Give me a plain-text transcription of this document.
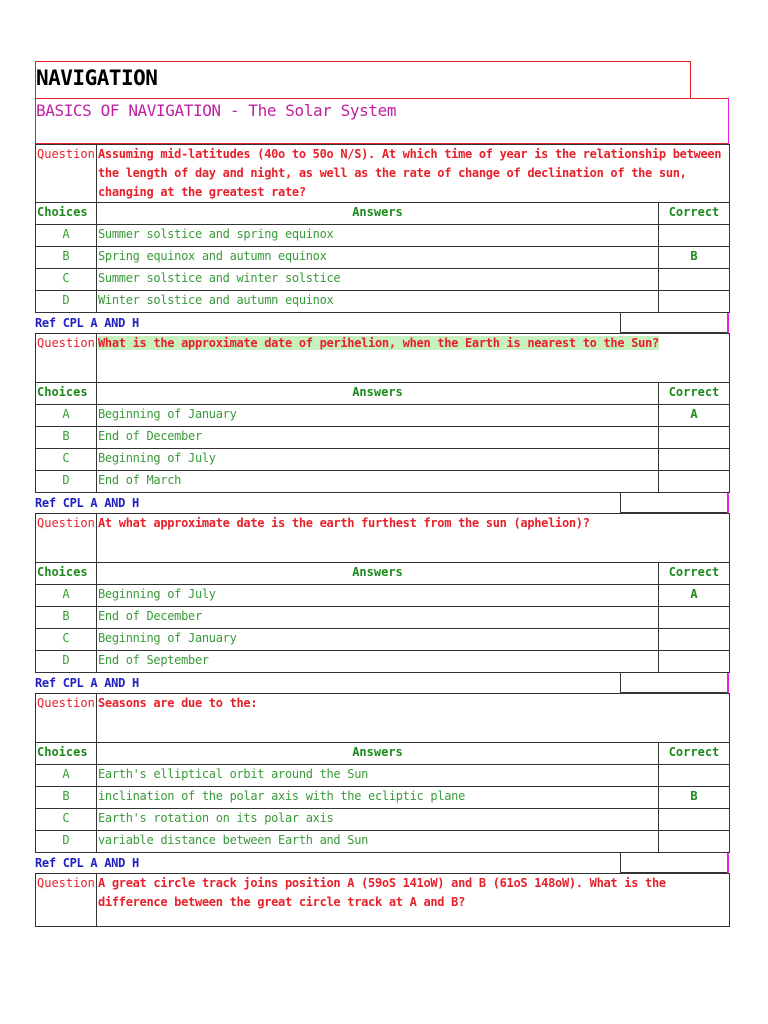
NAVIGATION
BASICS OF NAVIGATION - The Solar System
Question	Assuming mid-latitudes (40o to 50o N/S). At which time of year is the relationship between the length of day and night, as well as the rate of change of declination of the sun, changing at the greatest rate?	
Choices	Answers	Correct
A	Summer solstice and spring equinox	
B	Spring equinox and autumn equinox	B
C	Summer solstice and winter solstice	
D	Winter solstice and autumn equinox	
Ref CPL A AND H
Question	What is the approximate date of perihelion, when the Earth is nearest to the Sun?	
Choices	Answers	Correct
A	Beginning of January	A
B	End of December	
C	Beginning of July	
D	End of March	
Ref CPL A AND H
Question	At what approximate date is the earth furthest from the sun (aphelion)?	
Choices	Answers	Correct
A	Beginning of July	A
B	End of December	
C	Beginning of January	
D	End of September	
Ref CPL A AND H
Question	Seasons are due to the:	
Choices	Answers	Correct
A	Earth's elliptical orbit around the Sun	
B	inclination of the polar axis with the ecliptic plane	B
C	Earth's rotation on its polar axis	
D	variable distance between Earth and Sun	
Ref CPL A AND H
Question	A great circle track joins position A (59oS 141oW) and B (61oS 148oW). What is the difference between the great circle track at A and B?
